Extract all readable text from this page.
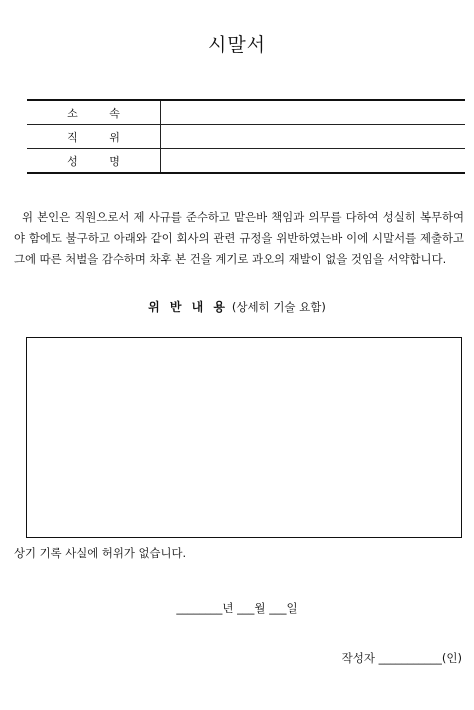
시말서
소 속	
직 위	
성 명	

위 본인은 직원으로서 제 사규를 준수하고 맡은바 책임과 의무를 다하여 성실히 복무하여야 함에도 불구하고 아래와 같이 회사의 관련 규정을 위반하였는바 이에 시말서를 제출하고 그에 따른 처벌을 감수하며 차후 본 건을 계기로 과오의 재발이 없을 것임을 서약합니다.

위 반 내 용 (상세히 기술 요함)
상기 기록 사실에 허위가 없습니다.
________년 ___월 ___일
작성자 ___________(인)
